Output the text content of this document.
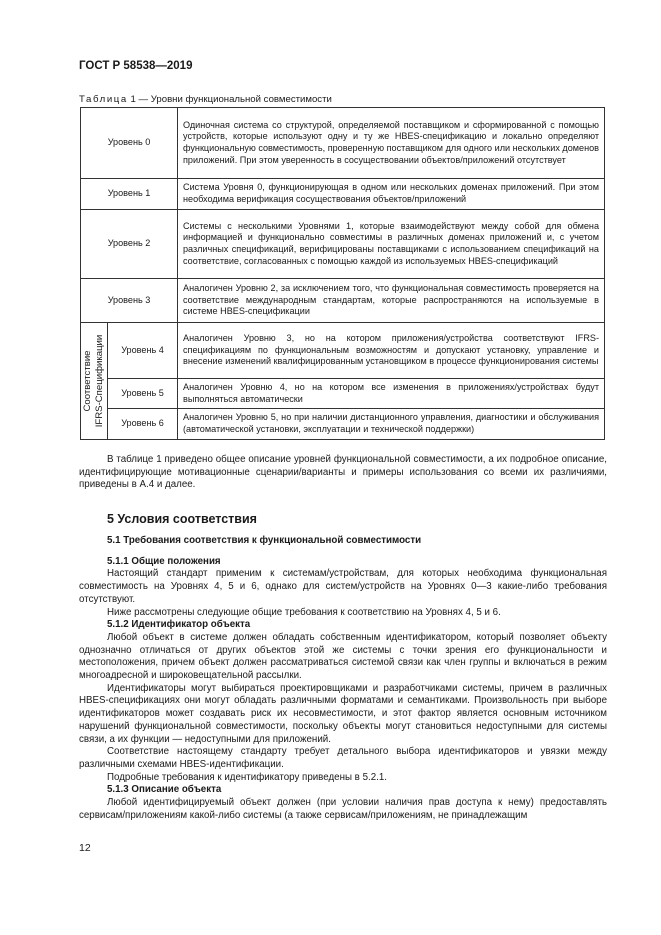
ГОСТ Р 58538—2019
Таблица 1 — Уровни функциональной совместимости
Уровень 0		Одиночная система со структурой, определяемой поставщиком и сформированной с помощью устройств, которые используют одну и ту же HBES-спецификацию и локально определяют функциональную совместимость, проверенную поставщиком для одного или нескольких доменов приложений. При этом уверенность в сосуществовании объектов/приложений отсутствует
Уровень 1		Система Уровня 0, функционирующая в одном или нескольких доменах приложений. При этом необходима верификация сосуществования объектов/приложений
Уровень 2		Системы с несколькими Уровнями 1, которые взаимодействуют между собой для обмена информацией и функционально совместимы в различных доменах приложений и, с учетом различных спецификаций, верифицированы поставщиками с использованием спецификаций на соответствие, согласованных с помощью каждой из используемых HBES-спецификаций
Уровень 3		Аналогичен Уровню 2, за исключением того, что функциональная совместимость проверяется на соответствие международным стандартам, которые распространяются на используемые в системе HBES-спецификации

Соответствие IFRS-Спецификации	Уровень 4	Аналогичен Уровню 3, но на котором приложения/устройства соответствуют IFRS-спецификациям по функциональным возможностям и допускают установку, управление и внесение изменений квалифицированным установщиком в процессе функционирования системы
	Уровень 5	Аналогичен Уровню 4, но на котором все изменения в приложениях/устройствах будут выполняться автоматически
	Уровень 6	Аналогичен Уровню 5, но при наличии дистанционного управления, диагностики и обслуживания (автоматической установки, эксплуатации и технической поддержки)

В таблице 1 приведено общее описание уровней функциональной совместимости, а их подробное описание, идентифицирующие мотивационные сценарии/варианты и примеры использования со всеми их различиями, приведены в А.4 и далее.

5 Условия соответствия

5.1 Требования соответствия к функциональной совместимости

5.1.1 Общие положения

Настоящий стандарт применим к системам/устройствам, для которых необходима функциональная совместимость на Уровнях 4, 5 и 6, однако для систем/устройств на Уровнях 0—3 какие-либо требования отсутствуют.

Ниже рассмотрены следующие общие требования к соответствию на Уровнях 4, 5 и 6.

5.1.2 Идентификатор объекта

Любой объект в системе должен обладать собственным идентификатором, который позволяет объекту однозначно отличаться от других объектов этой же системы с точки зрения его функциональности и местоположения, причем объект должен рассматриваться системой связи как член группы и включаться в режим многоадресной и широковещательной рассылки.

Идентификаторы могут выбираться проектировщиками и разработчиками системы, причем в различных HBES-спецификациях они могут обладать различными форматами и семантиками. Произвольность при выборе идентификаторов может создавать риск их несовместимости, и этот фактор является основным источником нарушений функциональной совместимости, поскольку объекты могут становиться недоступными для системы связи, а их функции — недоступными для приложений.

Соответствие настоящему стандарту требует детального выбора идентификаторов и увязки между различными схемами HBES-идентификации.

Подробные требования к идентификатору приведены в 5.2.1.

5.1.3 Описание объекта

Любой идентифицируемый объект должен (при условии наличия прав доступа к нему) предоставлять сервисам/приложениям какой-либо системы (а также сервисам/приложениям, не принадлежащим

12
